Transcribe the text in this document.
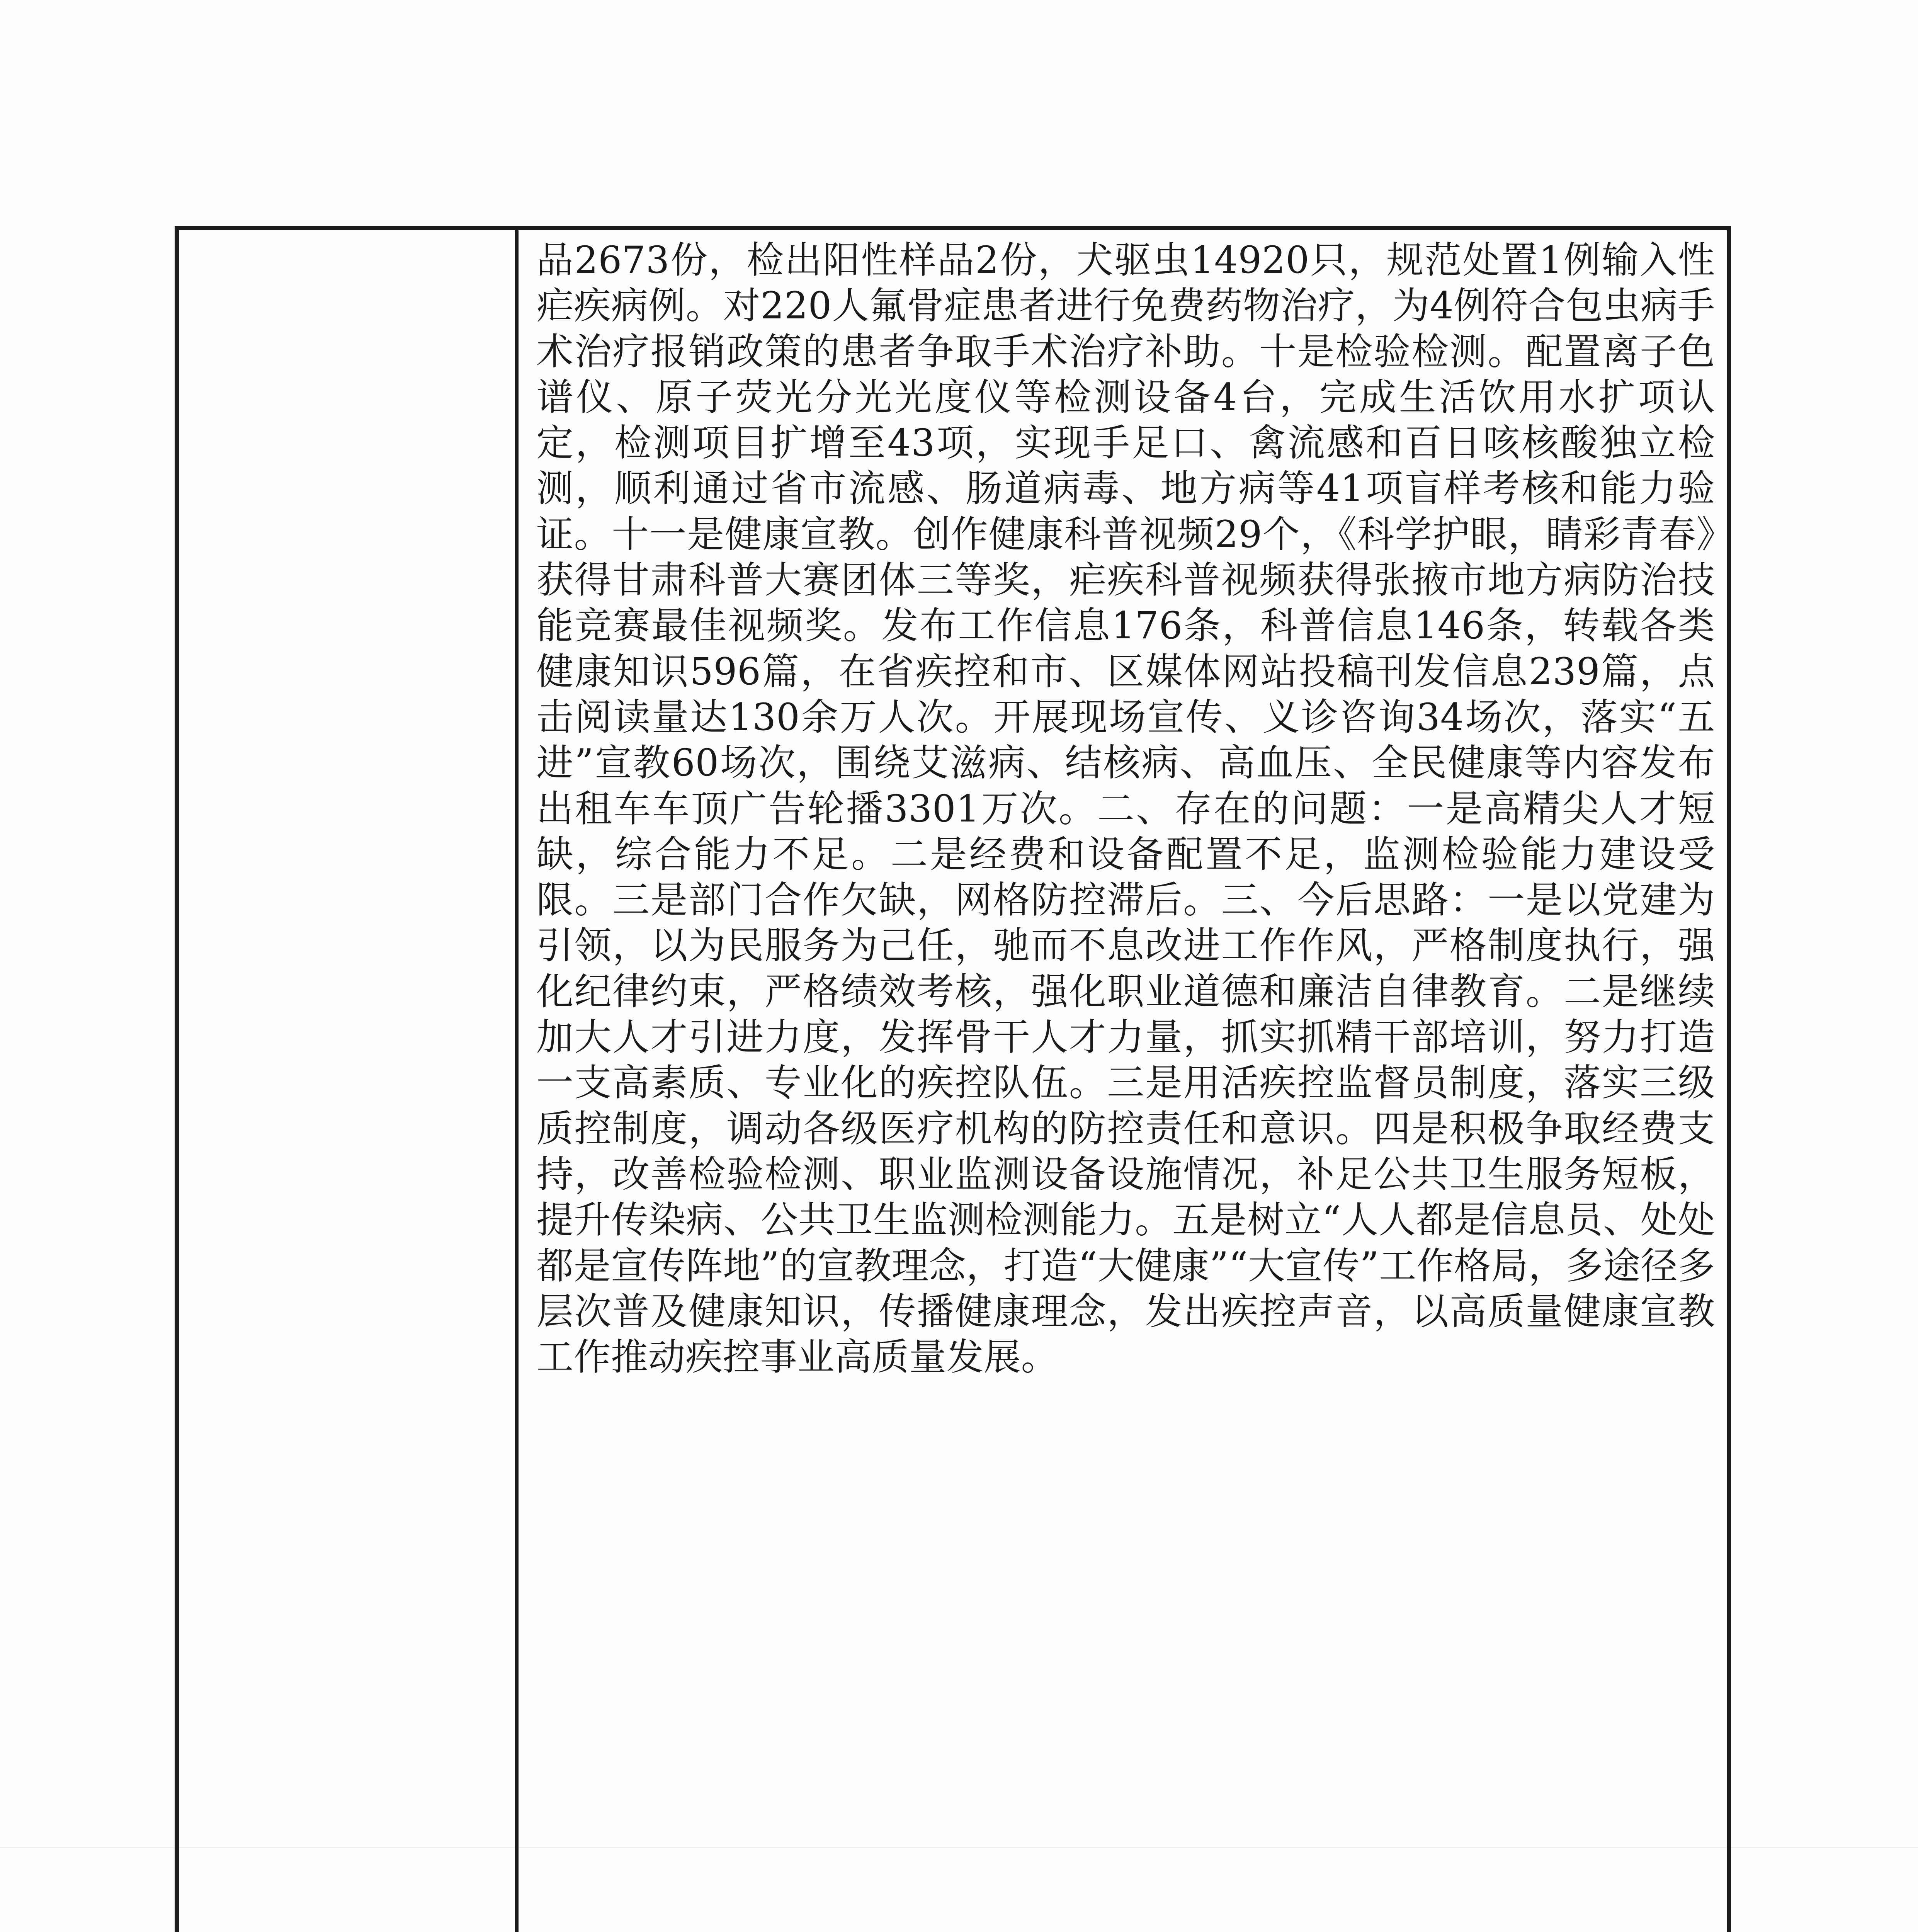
品2673份，检出阳性样品2份，犬驱虫14920只，规范处置1例输入性疟疾病例。对220人氟骨症患者进行免费药物治疗，为4例符合包虫病手术治疗报销政策的患者争取手术治疗补助。十是检验检测。配置离子色谱仪、原子荧光分光光度仪等检测设备4台，完成生活饮用水扩项认定，检测项目扩增至43项，实现手足口、禽流感和百日咳核酸独立检测，顺利通过省市流感、肠道病毒、地方病等41项盲样考核和能力验证。十一是健康宣教。创作健康科普视频29个，《科学护眼，睛彩青春》获得甘肃科普大赛团体三等奖，疟疾科普视频获得张掖市地方病防治技能竞赛最佳视频奖。发布工作信息176条，科普信息146条，转载各类健康知识596篇，在省疾控和市、区媒体网站投稿刊发信息239篇，点击阅读量达130余万人次。开展现场宣传、义诊咨询34场次，落实“五进”宣教60场次，围绕艾滋病、结核病、高血压、全民健康等内容发布出租车车顶广告轮播3301万次。二、存在的问题：一是高精尖人才短缺，综合能力不足。二是经费和设备配置不足，监测检验能力建设受限。三是部门合作欠缺，网格防控滞后。三、今后思路：一是以党建为引领，以为民服务为己任，驰而不息改进工作作风，严格制度执行，强化纪律约束，严格绩效考核，强化职业道德和廉洁自律教育。二是继续加大人才引进力度，发挥骨干人才力量，抓实抓精干部培训，努力打造一支高素质、专业化的疾控队伍。三是用活疾控监督员制度，落实三级质控制度，调动各级医疗机构的防控责任和意识。四是积极争取经费支持，改善检验检测、职业监测设备设施情况，补足公共卫生服务短板，提升传染病、公共卫生监测检测能力。五是树立“人人都是信息员、处处都是宣传阵地”的宣教理念，打造“大健康”“大宣传”工作格局，多途径多层次普及健康知识，传播健康理念，发出疾控声音，以高质量健康宣教工作推动疾控事业高质量发展。
